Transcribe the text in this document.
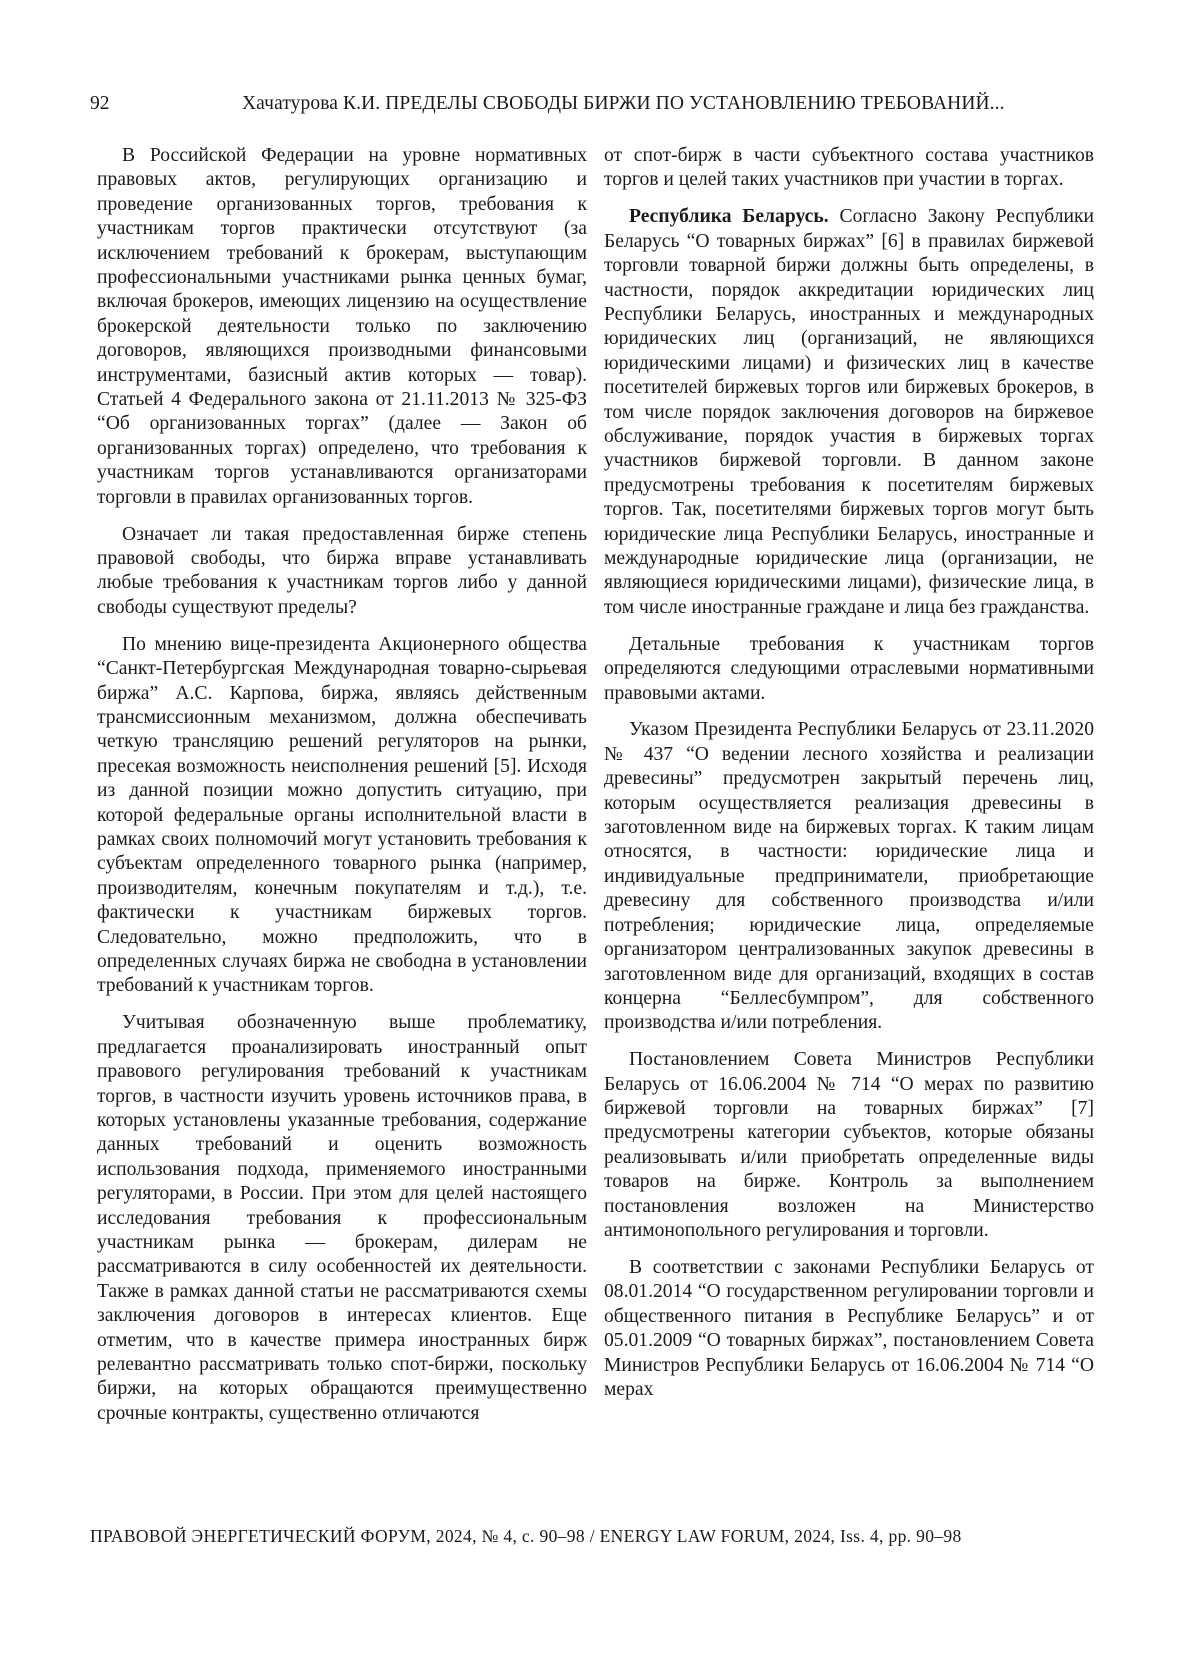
92	Хачатурова К.И. ПРЕДЕЛЫ СВОБОДЫ БИРЖИ ПО УСТАНОВЛЕНИЮ ТРЕБОВАНИЙ...

В Российской Федерации на уровне нормативных правовых актов, регулирующих организацию и проведение организованных торгов, требования к участникам торгов практически отсутствуют (за исключением требований к брокерам, выступающим профессиональными участниками рынка ценных бумаг, включая брокеров, имеющих лицензию на осуществление брокерской деятельности только по заключению договоров, являющихся производными финансовыми инструментами, базисный актив которых — товар). Статьей 4 Федерального закона от 21.11.2013 № 325-ФЗ “Об организованных торгах” (далее — Закон об организованных торгах) определено, что требования к участникам торгов устанавливаются организаторами торговли в правилах организованных торгов.

Означает ли такая предоставленная бирже степень правовой свободы, что биржа вправе устанавливать любые требования к участникам торгов либо у данной свободы существуют пределы?

По мнению вице-президента Акционерного общества “Санкт-Петербургская Международная товарно-сырьевая биржа” А.С. Карпова, биржа, являясь действенным трансмиссионным механизмом, должна обеспечивать четкую трансляцию решений регуляторов на рынки, пресекая возможность неисполнения решений [5]. Исходя из данной позиции можно допустить ситуацию, при которой федеральные органы исполнительной власти в рамках своих полномочий могут установить требования к субъектам определенного товарного рынка (например, производителям, конечным покупателям и т.д.), т.е. фактически к участникам биржевых торгов. Следовательно, можно предположить, что в определенных случаях биржа не свободна в установлении требований к участникам торгов.

Учитывая обозначенную выше проблематику, предлагается проанализировать иностранный опыт правового регулирования требований к участникам торгов, в частности изучить уровень источников права, в которых установлены указанные требования, содержание данных требований и оценить возможность использования подхода, применяемого иностранными регуляторами, в России. При этом для целей настоящего исследования требования к профессиональным участникам рынка — брокерам, дилерам не рассматриваются в силу особенностей их деятельности. Также в рамках данной статьи не рассматриваются схемы заключения договоров в интересах клиентов. Еще отметим, что в качестве примера иностранных бирж релевантно рассматривать только спот-биржи, поскольку биржи, на которых обращаются преимущественно срочные контракты, существенно отличаются

от спот-бирж в части субъектного состава участников торгов и целей таких участников при участии в торгах.

Республика Беларусь. Согласно Закону Республики Беларусь “О товарных биржах” [6] в правилах биржевой торговли товарной биржи должны быть определены, в частности, порядок аккредитации юридических лиц Республики Беларусь, иностранных и международных юридических лиц (организаций, не являющихся юридическими лицами) и физических лиц в качестве посетителей биржевых торгов или биржевых брокеров, в том числе порядок заключения договоров на биржевое обслуживание, порядок участия в биржевых торгах участников биржевой торговли. В данном законе предусмотрены требования к посетителям биржевых торгов. Так, посетителями биржевых торгов могут быть юридические лица Республики Беларусь, иностранные и международные юридические лица (организации, не являющиеся юридическими лицами), физические лица, в том числе иностранные граждане и лица без гражданства.

Детальные требования к участникам торгов определяются следующими отраслевыми нормативными правовыми актами.

Указом Президента Республики Беларусь от 23.11.2020 № 437 “О ведении лесного хозяйства и реализации древесины” предусмотрен закрытый перечень лиц, которым осуществляется реализация древесины в заготовленном виде на биржевых торгах. К таким лицам относятся, в частности: юридические лица и индивидуальные предприниматели, приобретающие древесину для собственного производства и/или потребления; юридические лица, определяемые организатором централизованных закупок древесины в заготовленном виде для организаций, входящих в состав концерна “Беллесбумпром”, для собственного производства и/или потребления.

Постановлением Совета Министров Республики Беларусь от 16.06.2004 № 714 “О мерах по развитию биржевой торговли на товарных биржах” [7] предусмотрены категории субъектов, которые обязаны реализовывать и/или приобретать определенные виды товаров на бирже. Контроль за выполнением постановления возложен на Министерство антимонопольного регулирования и торговли.

В соответствии с законами Республики Беларусь от 08.01.2014 “О государственном регулировании торговли и общественного питания в Республике Беларусь” и от 05.01.2009 “О товарных биржах”, постановлением Совета Министров Республики Беларусь от 16.06.2004 № 714 “О мерах

ПРАВОВОЙ ЭНЕРГЕТИЧЕСКИЙ ФОРУМ, 2024, № 4, с. 90–98 / ENERGY LAW FORUM, 2024, Iss. 4, pp. 90–98
